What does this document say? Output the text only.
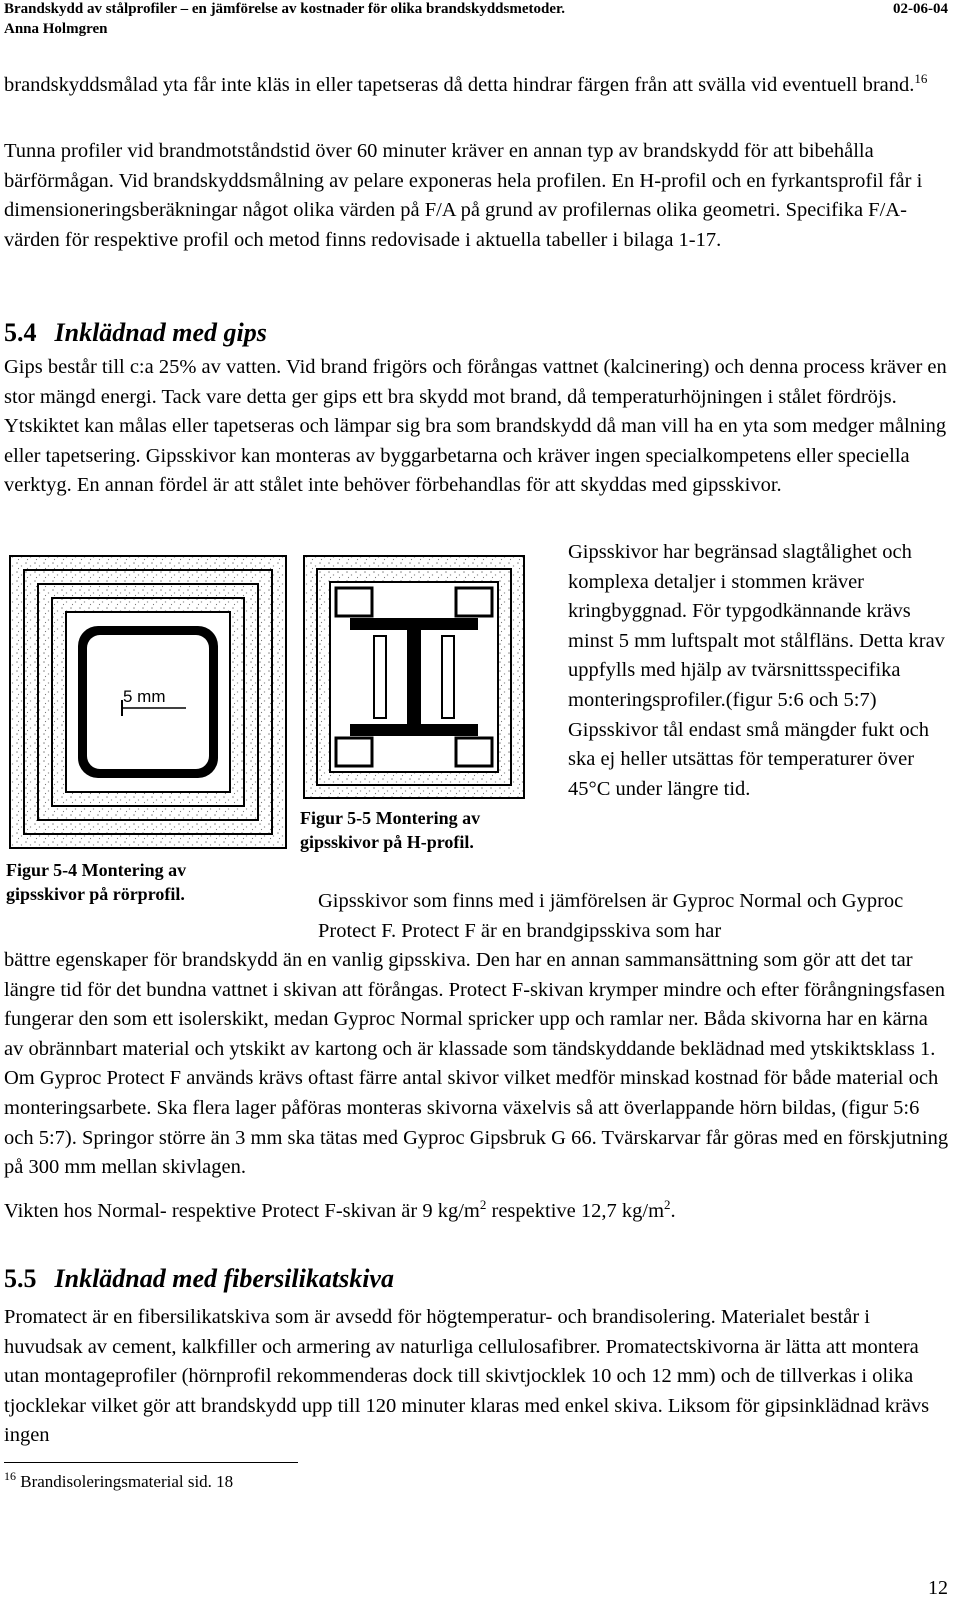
Brandskydd av stålprofiler – en jämförelse av kostnader för olika brandskyddsmetoder.	02-06-04
Anna Holmgren

brandskyddsmålad yta får inte kläs in eller tapetseras då detta hindrar färgen från att svälla vid eventuell brand.$^{16}$

Tunna profiler vid brandmotståndstid över 60 minuter kräver en annan typ av brandskydd för att bibehålla bärförmågan. Vid brandskyddsmålning av pelare exponeras hela profilen. En H-profil och en fyrkantsprofil får i dimensioneringsberäkningar något olika värden på F/A på grund av profilernas olika geometri. Specifika F/A-värden för respektive profil och metod finns redovisade i aktuella tabeller i bilaga 1-17.

5.4 Inklädnad med gips

Gips består till c:a 25% av vatten. Vid brand frigörs och förångas vattnet (kalcinering) och denna process kräver en stor mängd energi. Tack vare detta ger gips ett bra skydd mot brand, då temperaturhöjningen i stålet fördröjs. Ytskiktet kan målas eller tapetseras och lämpar sig bra som brandskydd då man vill ha en yta som medger målning eller tapetsering. Gipsskivor kan monteras av byggarbetarna och kräver ingen specialkompetens eller speciella verktyg. En annan fördel är att stålet inte behöver förbehandlas för att skyddas med gipsskivor.

5 mm
Figur 5-4 Montering av gipsskivor på rörprofil.
Figur 5-5 Montering av gipsskivor på H-profil.

Gipsskivor har begränsad slagtålighet och komplexa detaljer i stommen kräver kringbyggnad. För typgodkännande krävs minst 5 mm luftspalt mot stålfläns. Detta krav uppfylls med hjälp av tvärsnittsspecifika monteringsprofiler.(figur 5:6 och 5:7) Gipsskivor tål endast små mängder fukt och ska ej heller utsättas för temperaturer över 45°C under längre tid.

Gipsskivor som finns med i jämförelsen är Gyproc Normal och Gyproc Protect F. Protect F är en brandgipsskiva som har

bättre egenskaper för brandskydd än en vanlig gipsskiva. Den har en annan sammansättning som gör att det tar längre tid för det bundna vattnet i skivan att förångas. Protect F-skivan krymper mindre och efter förångningsfasen fungerar den som ett isolerskikt, medan Gyproc Normal spricker upp och ramlar ner. Båda skivorna har en kärna av obrännbart material och ytskikt av kartong och är klassade som tändskyddande beklädnad med ytskiktsklass 1. Om Gyproc Protect F används krävs oftast färre antal skivor vilket medför minskad kostnad för både material och monteringsarbete. Ska flera lager påföras monteras skivorna växelvis så att överlappande hörn bildas, (figur 5:6 och 5:7). Springor större än 3 mm ska tätas med Gyproc Gipsbruk G 66. Tvärskarvar får göras med en förskjutning på 300 mm mellan skivlagen.

Vikten hos Normal- respektive Protect F-skivan är 9 $kg/m^2$ respektive 12,7 $kg/m^2$.

5.5 Inklädnad med fibersilikatskiva

Promatect är en fibersilikatskiva som är avsedd för högtemperatur- och brandisolering. Materialet består i huvudsak av cement, kalkfiller och armering av naturliga cellulosafibrer. Promatectskivorna är lätta att montera utan montageprofiler (hörnprofil rekommenderas dock till skivtjocklek 10 och 12 mm) och de tillverkas i olika tjocklekar vilket gör att brandskydd upp till 120 minuter klaras med enkel skiva. Liksom för gipsinklädnad krävs ingen

$^{16}$ Brandisoleringsmaterial sid. 18
12
